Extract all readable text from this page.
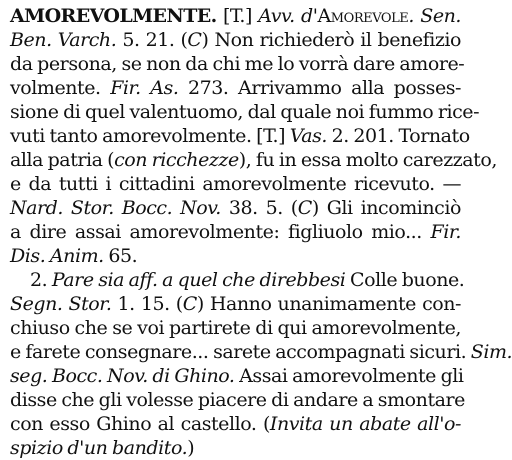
AMOREVOLMENTE. [T.] Avv. d'Amorevole. Sen.
Ben. Varch. 5. 21. (C) Non richiederò il benefizio
da persona, se non da chi me lo vorrà dare amore-
volmente. Fir. As. 273. Arrivammo alla posses-
sione di quel valentuomo, dal quale noi fummo rice-
vuti tanto amorevolmente. [T.] Vas. 2. 201. Tornato
alla patria (con ricchezze), fu in essa molto carezzato,
e da tutti i cittadini amorevolmente ricevuto. —
Nard. Stor. Bocc. Nov. 38. 5. (C) Gli incominciò
a dire assai amorevolmente: figliuolo mio... Fir.
Dis. Anim. 65.
2. Pare sia aff. a quel che direbbesi Colle buone.
Segn. Stor. 1. 15. (C) Hanno unanimamente con-
chiuso che se voi partirete di qui amorevolmente,
e farete consegnare... sarete accompagnati sicuri. Sim.
seg. Bocc. Nov. di Ghino. Assai amorevolmente gli
disse che gli volesse piacere di andare a smontare
con esso Ghino al castello. (Invita un abate all'o-
spizio d'un bandito.)
